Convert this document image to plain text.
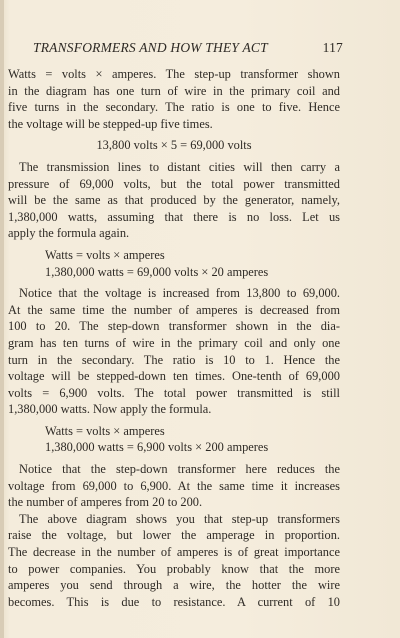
TRANSFORMERS AND HOW THEY ACT	117
Watts = volts × amperes. The step-up transformer shown
in the diagram has one turn of wire in the primary coil and
five turns in the secondary. The ratio is one to five. Hence
the voltage will be stepped-up five times.
13,800 volts × 5 = 69,000 volts
The transmission lines to distant cities will then carry a
pressure of 69,000 volts, but the total power transmitted
will be the same as that produced by the generator, namely,
1,380,000 watts, assuming that there is no loss. Let us
apply the formula again.
Watts = volts × amperes
1,380,000 watts = 69,000 volts × 20 amperes
Notice that the voltage is increased from 13,800 to 69,000.
At the same time the number of amperes is decreased from
100 to 20. The step-down transformer shown in the dia-
gram has ten turns of wire in the primary coil and only one
turn in the secondary. The ratio is 10 to 1. Hence the
voltage will be stepped-down ten times. One-tenth of 69,000
volts = 6,900 volts. The total power transmitted is still
1,380,000 watts. Now apply the formula.
Watts = volts × amperes
1,380,000 watts = 6,900 volts × 200 amperes
Notice that the step-down transformer here reduces the
voltage from 69,000 to 6,900. At the same time it increases
the number of amperes from 20 to 200.
The above diagram shows you that step-up transformers
raise the voltage, but lower the amperage in proportion.
The decrease in the number of amperes is of great importance
to power companies. You probably know that the more
amperes you send through a wire, the hotter the wire
becomes. This is due to resistance. A current of 10
